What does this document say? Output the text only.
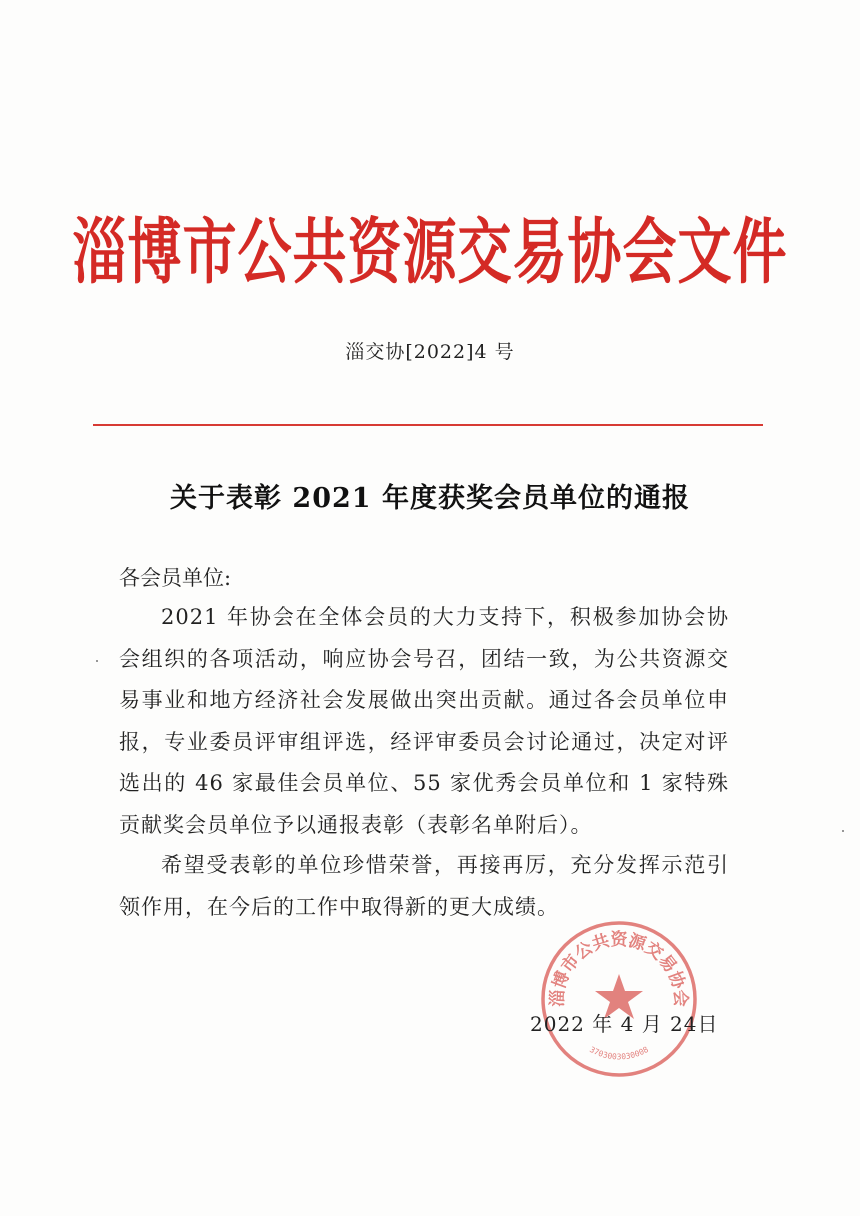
淄博市公共资源交易协会文件
淄交协[2022]4 号
关于表彰 2021 年度获奖会员单位的通报
各会员单位:
2021 年协会在全体会员的大力支持下，积极参加协会协会组织的各项活动，响应协会号召，团结一致，为公共资源交易事业和地方经济社会发展做出突出贡献。通过各会员单位申报，专业委员评审组评选，经评审委员会讨论通过，决定对评选出的 46 家最佳会员单位、55 家优秀会员单位和 1 家特殊贡献奖会员单位予以通报表彰（表彰名单附后）。
希望受表彰的单位珍惜荣誉，再接再厉，充分发挥示范引领作用，在今后的工作中取得新的更大成绩。
淄博市公共资源交易协会
3703003030008
2022 年 4 月 24日
